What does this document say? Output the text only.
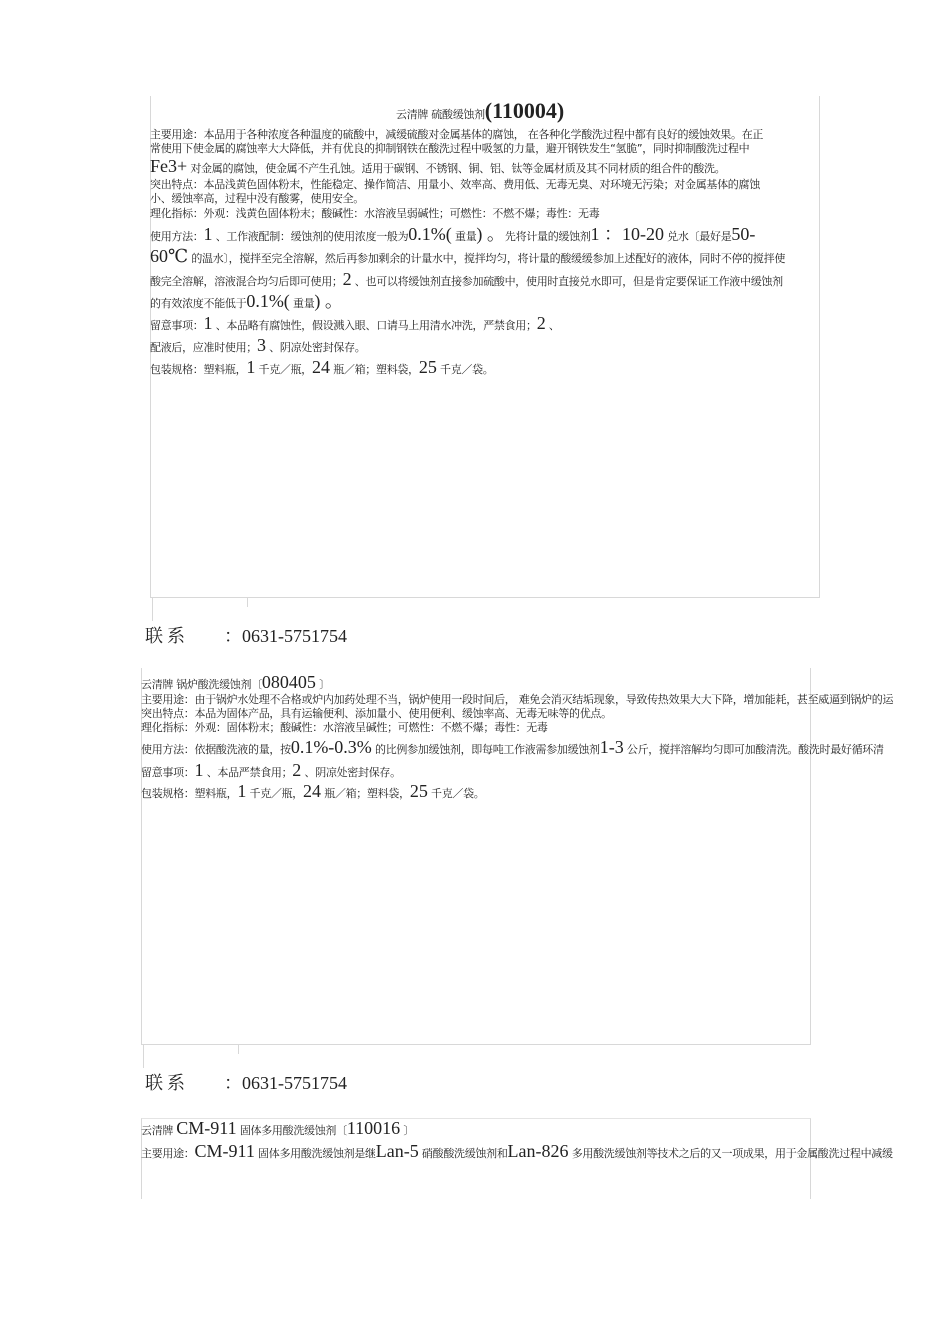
云清牌 硫酸缓蚀剂(110004)
主要用途：本品用于各种浓度各种温度的硫酸中，减缓硫酸对金属基体的腐蚀， 在各种化学酸洗过程中都有良好的缓蚀效果。在正
常使用下使金属的腐蚀率大大降低，并有优良的抑制钢铁在酸洗过程中吸氢的力量，避开钢铁发生“氢脆”，同时抑制酸洗过程中
Fe3+ 对金属的腐蚀，使金属不产生孔蚀。适用于碳钢、不锈钢、铜、铝、钛等金属材质及其不同材质的组合件的酸洗。
突出特点：本品浅黄色固体粉末，性能稳定、操作简洁、用量小、效率高、费用低、无毒无臭、对环境无污染；对金属基体的腐蚀
小、缓蚀率高，过程中没有酸雾，使用安全。
理化指标：外观：浅黄色固体粉末；酸碱性：水溶液呈弱碱性；可燃性：不燃不爆；毒性：无毒
使用方法：1 、工作液配制：缓蚀剂的使用浓度一般为0.1%( 重量) 。先将计量的缓蚀剂1 ：10-20 兑水〔最好是50-
60℃ 的温水〕，搅拌至完全溶解，然后再参加剩余的计量水中，搅拌均匀，将计量的酸缓缓参加上述配好的液体，同时不停的搅拌使
酸完全溶解，溶液混合均匀后即可使用；2 、也可以将缓蚀剂直接参加硫酸中，使用时直接兑水即可，但是肯定要保证工作液中缓蚀剂
的有效浓度不能低于0.1%( 重量) 。
留意事项：1 、本品略有腐蚀性，假设溅入眼、口请马上用清水冲洗，严禁食用；2 、
配液后，应准时使用；3 、阴凉处密封保存。
包装规格：塑料瓶，1 千克／瓶，24 瓶／箱；塑料袋，25 千克／袋。
联系 ：0631-5751754
云清牌 锅炉酸洗缓蚀剂〔080405 〕
主要用途：由于锅炉水处理不合格或炉内加药处理不当，锅炉使用一段时间后， 难免会消灭结垢现象，导致传热效果大大下降，增加能耗，甚至威逼到锅炉的运
突出特点：本品为固体产品，具有运输便利、添加量小、使用便利、缓蚀率高、无毒无味等的优点。
理化指标：外观：固体粉末；酸碱性：水溶液呈碱性；可燃性：不燃不爆；毒性：无毒
使用方法：依据酸洗液的量，按0.1%-0.3% 的比例参加缓蚀剂，即每吨工作液需参加缓蚀剂1-3 公斤，搅拌溶解均匀即可加酸清洗。酸洗时最好循环清
留意事项：1 、本品严禁食用；2 、阴凉处密封保存。
包装规格：塑料瓶，1 千克／瓶，24 瓶／箱；塑料袋，25 千克／袋。
联系 ：0631-5751754
云清牌 CM-911 固体多用酸洗缓蚀剂〔110016 〕
主要用途：CM-911 固体多用酸洗缓蚀剂是继Lan-5 硝酸酸洗缓蚀剂和Lan-826 多用酸洗缓蚀剂等技术之后的又一项成果，用于金属酸洗过程中减缓
